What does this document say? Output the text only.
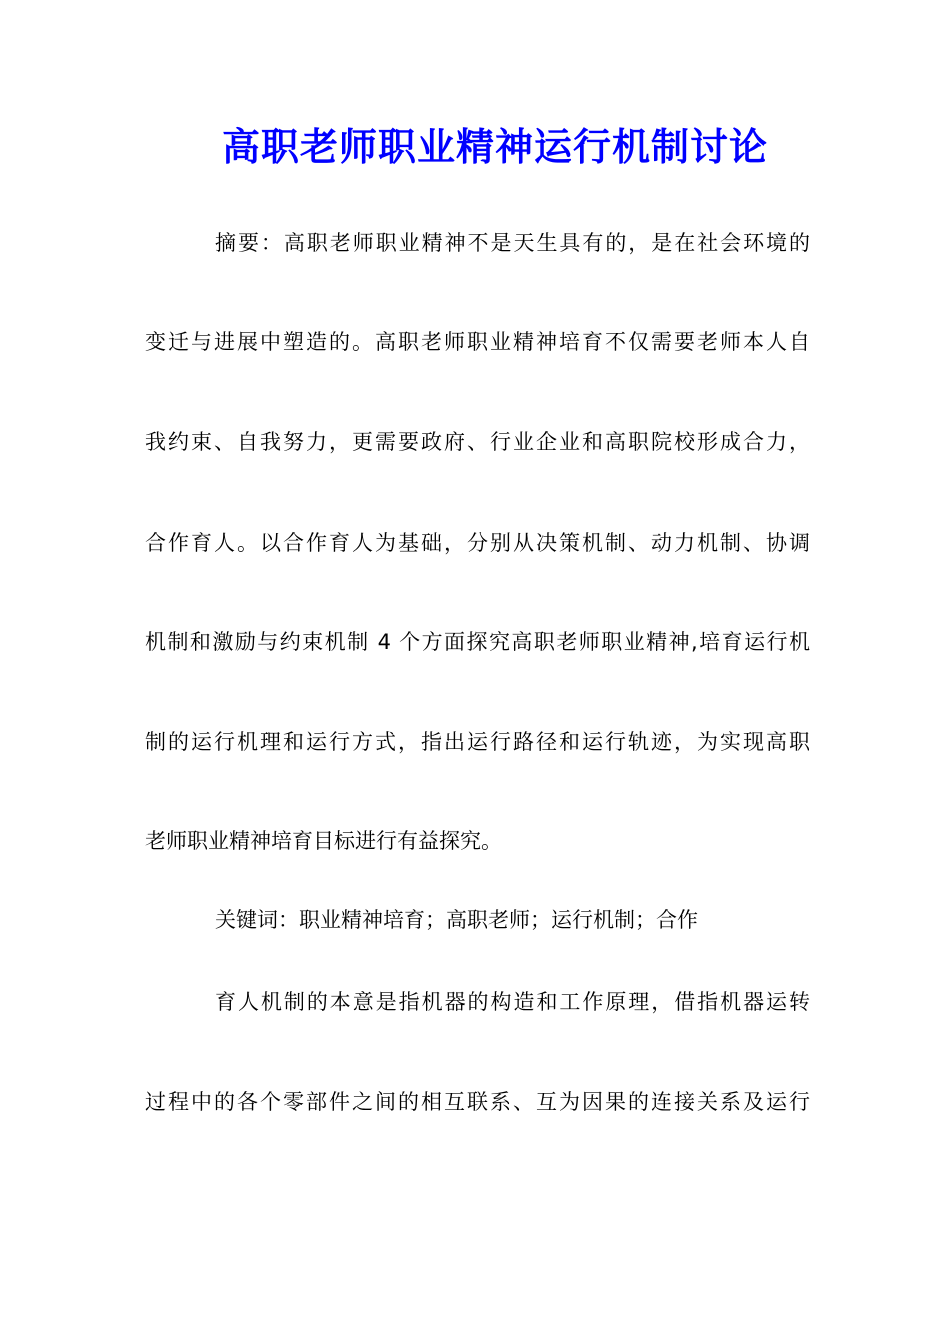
高职老师职业精神运行机制讨论
摘要：高职老师职业精神不是天生具有的，是在社会环境的
变迁与进展中塑造的。高职老师职业精神培育不仅需要老师本人自
我约束、自我努力，更需要政府、行业企业和高职院校形成合力，
合作育人。以合作育人为基础，分别从决策机制、动力机制、协调
机制和激励与约束机制 4 个方面探究高职老师职业精神,培育运行机
制的运行机理和运行方式，指出运行路径和运行轨迹，为实现高职
老师职业精神培育目标进行有益探究。
关键词：职业精神培育；高职老师；运行机制；合作
育人机制的本意是指机器的构造和工作原理，借指机器运转
过程中的各个零部件之间的相互联系、互为因果的连接关系及运行
